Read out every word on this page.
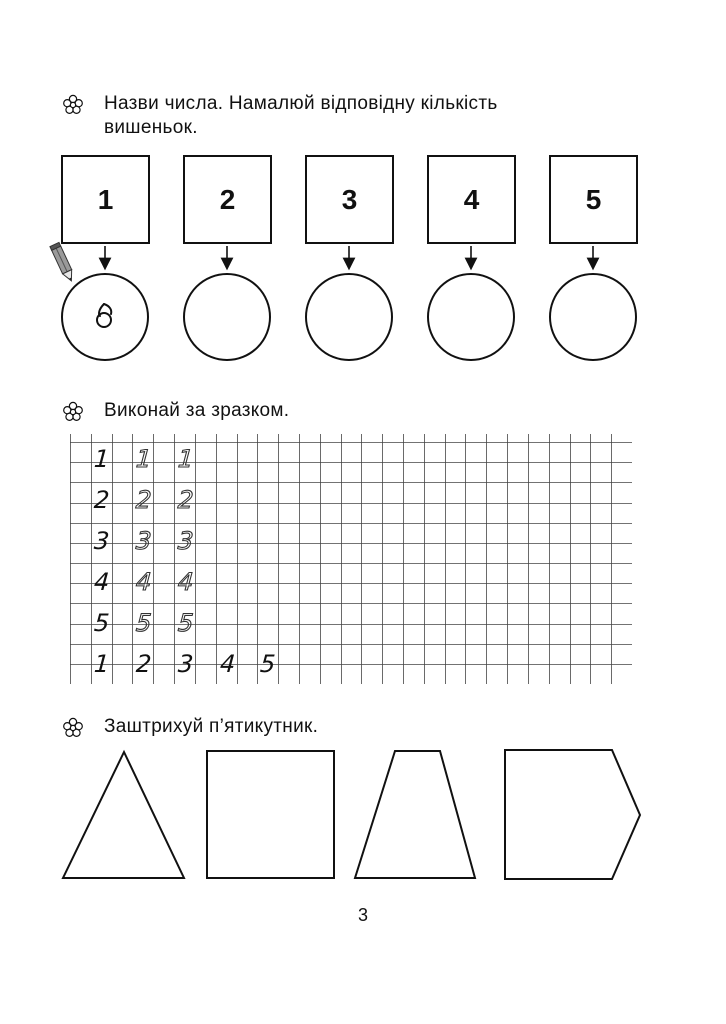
Назви числа. Намалюй відповідну кількість вишеньок.
1	2	3	4	5
Виконай за зразком.
1 1 1
2 2 2
3 3 3
4 4 4
5 5 5
1 2 3 4 5
Заштрихуй п’ятикутник.
3
